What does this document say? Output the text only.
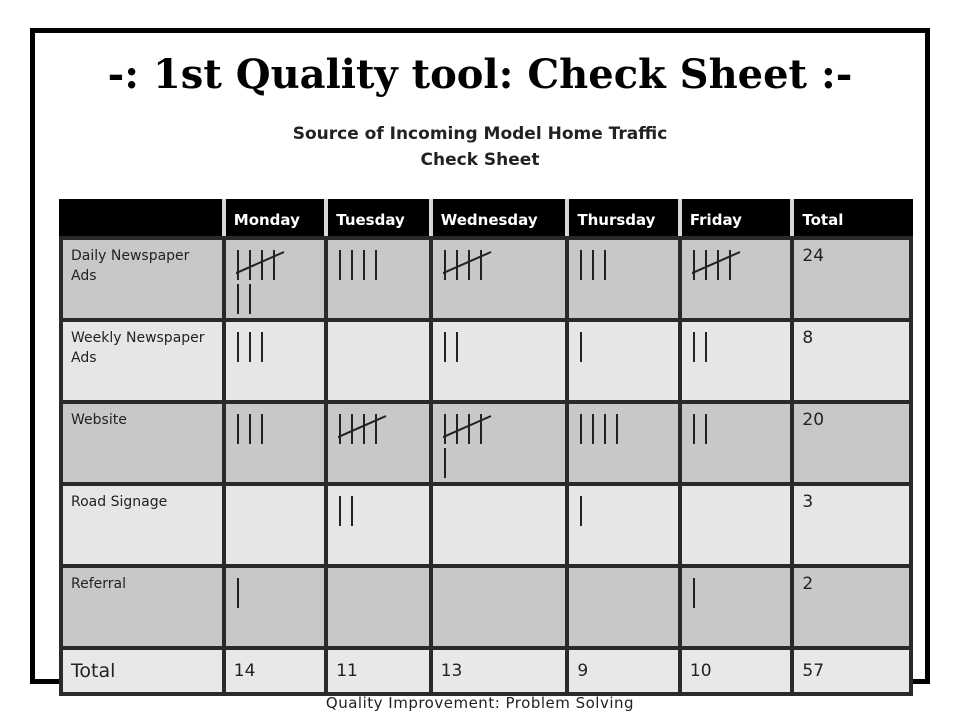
-: 1st Quality tool: Check Sheet :-
Source of Incoming Model Home Traffic
Check Sheet
	Monday	Tuesday	Wednesday	Thursday	Friday	Total
Daily Newspaper Ads						24
Weekly Newspaper Ads						8
Website						20
Road Signage						3
Referral						2
Total	14	11	13	9	10	57
Quality Improvement: Problem Solving
